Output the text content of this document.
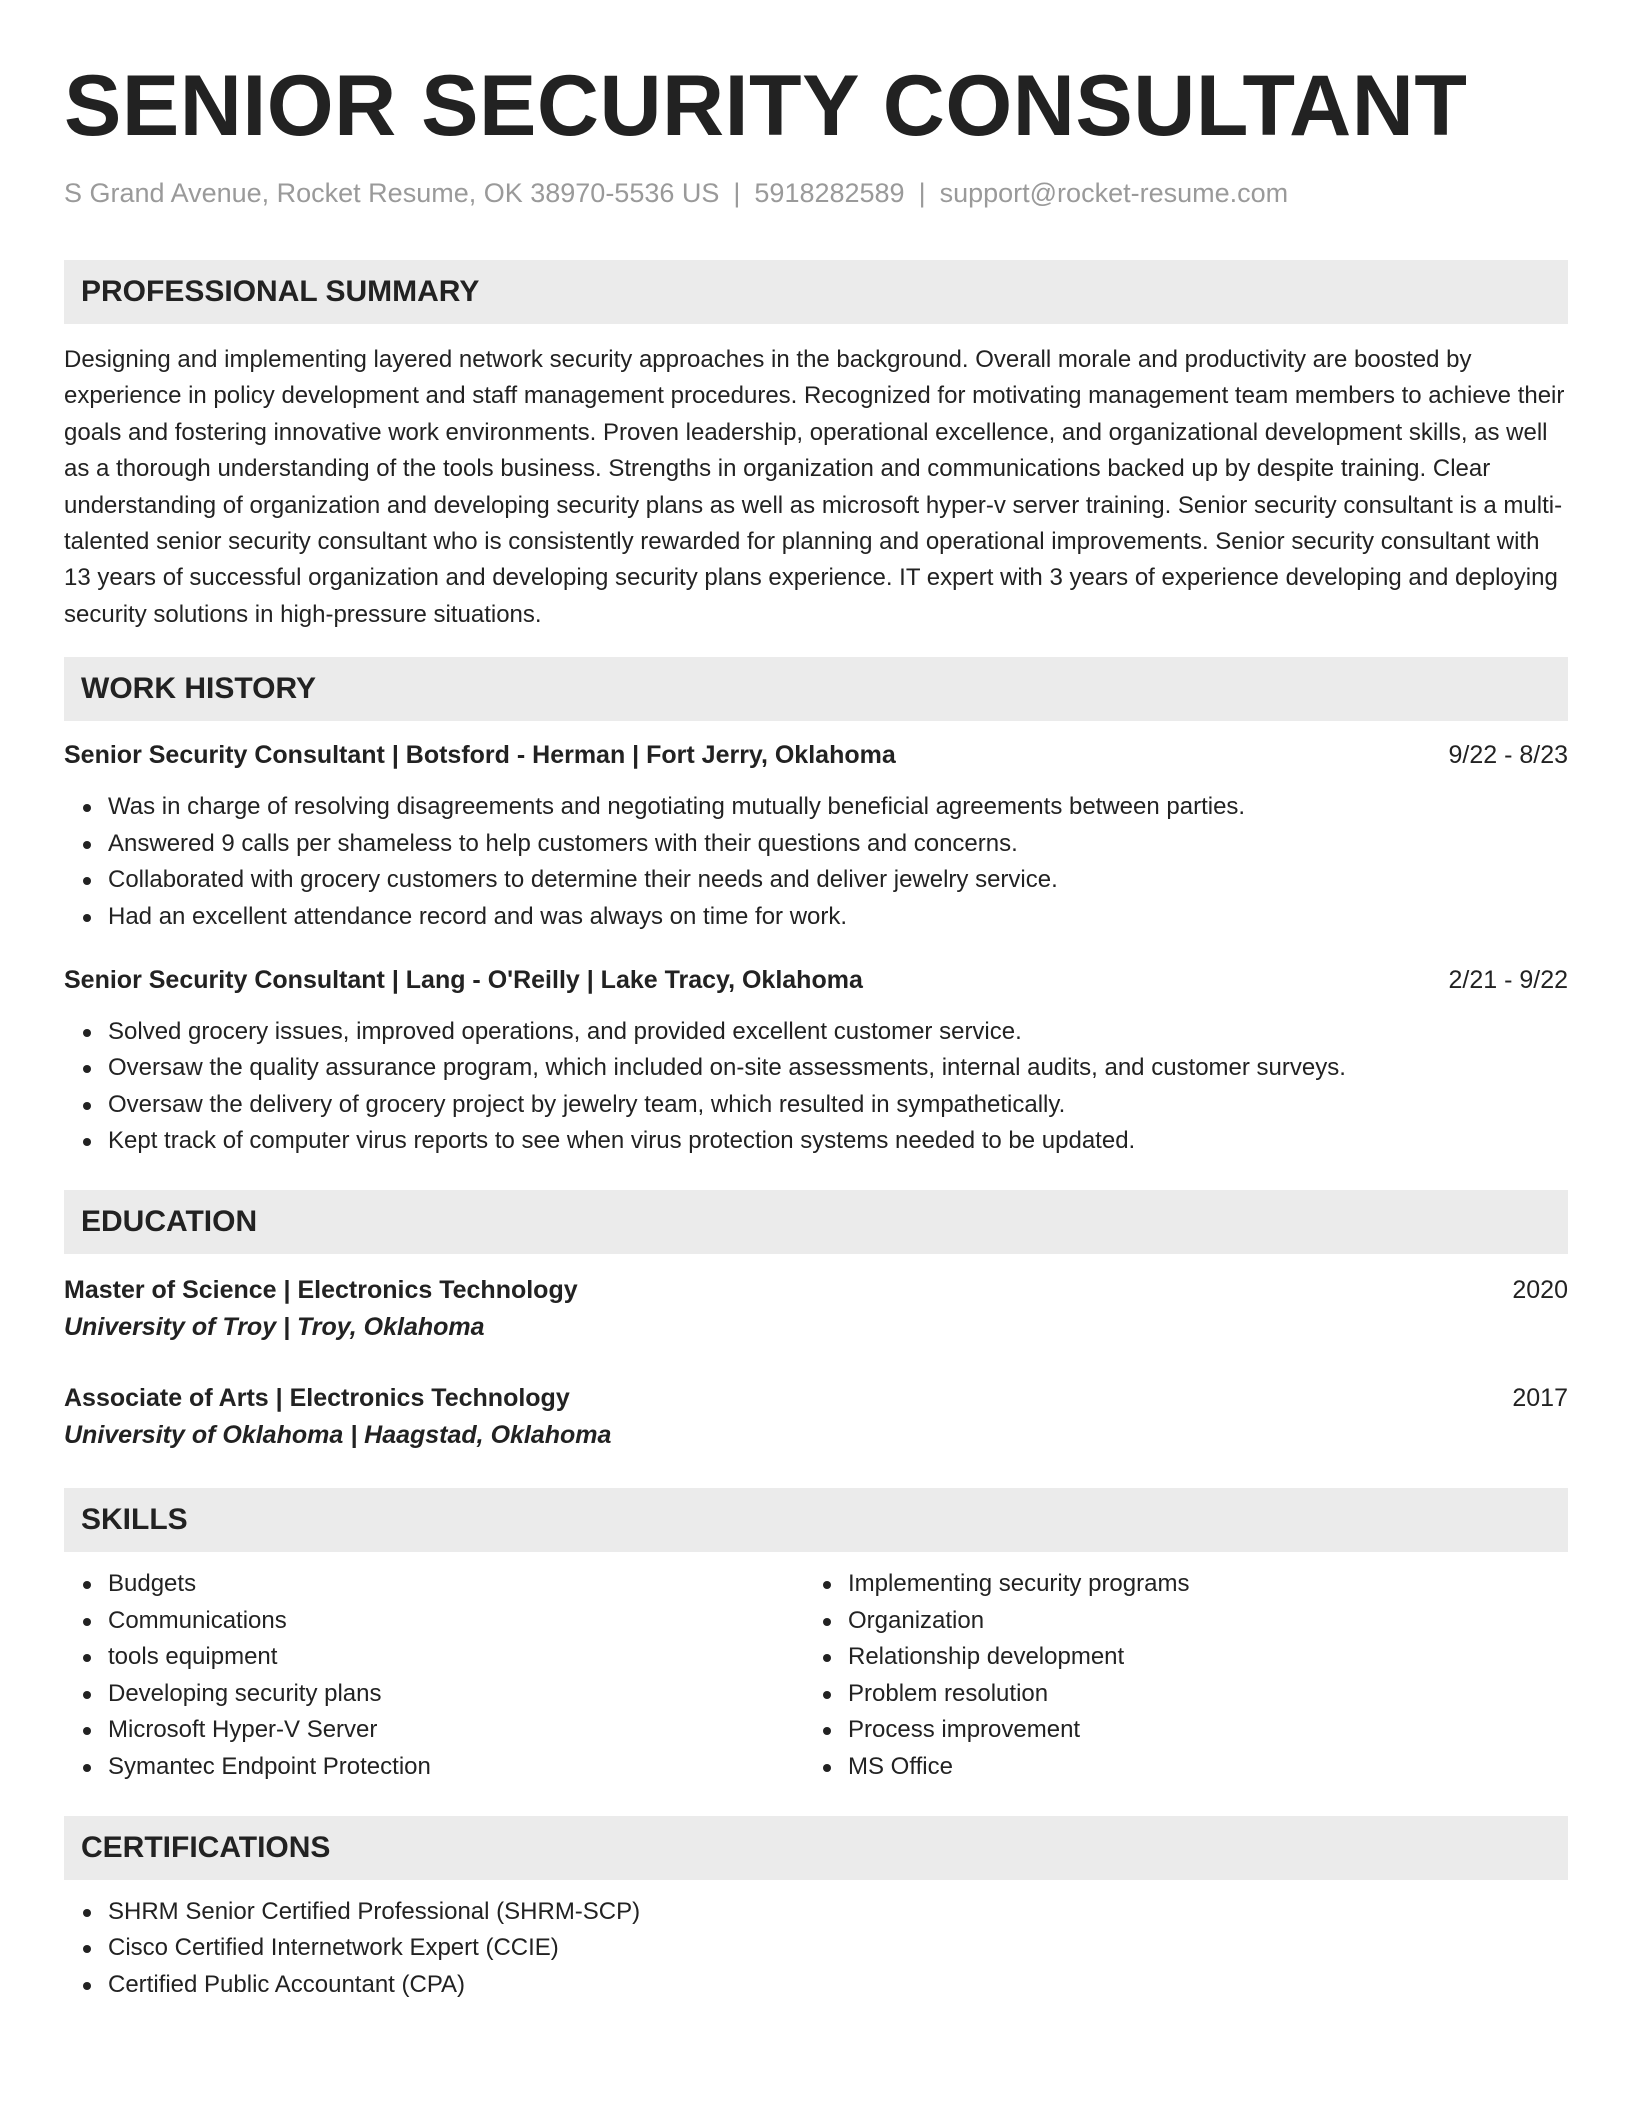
SENIOR SECURITY CONSULTANT
S Grand Avenue, Rocket Resume, OK 38970-5536 US | 5918282589 | support@rocket-resume.com
PROFESSIONAL SUMMARY
Designing and implementing layered network security approaches in the background. Overall morale and productivity are boosted by experience in policy development and staff management procedures. Recognized for motivating management team members to achieve their goals and fostering innovative work environments. Proven leadership, operational excellence, and organizational development skills, as well as a thorough understanding of the tools business. Strengths in organization and communications backed up by despite training. Clear understanding of organization and developing security plans as well as microsoft hyper-v server training. Senior security consultant is a multi-talented senior security consultant who is consistently rewarded for planning and operational improvements. Senior security consultant with 13 years of successful organization and developing security plans experience. IT expert with 3 years of experience developing and deploying security solutions in high-pressure situations.
WORK HISTORY
Senior Security Consultant | Botsford - Herman | Fort Jerry, Oklahoma	9/22 - 8/23
Was in charge of resolving disagreements and negotiating mutually beneficial agreements between parties.
Answered 9 calls per shameless to help customers with their questions and concerns.
Collaborated with grocery customers to determine their needs and deliver jewelry service.
Had an excellent attendance record and was always on time for work.
Senior Security Consultant | Lang - O'Reilly | Lake Tracy, Oklahoma	2/21 - 9/22
Solved grocery issues, improved operations, and provided excellent customer service.
Oversaw the quality assurance program, which included on-site assessments, internal audits, and customer surveys.
Oversaw the delivery of grocery project by jewelry team, which resulted in sympathetically.
Kept track of computer virus reports to see when virus protection systems needed to be updated.
EDUCATION
Master of Science | Electronics Technology	2020
University of Troy | Troy, Oklahoma
Associate of Arts | Electronics Technology	2017
University of Oklahoma | Haagstad, Oklahoma
SKILLS
Budgets
Communications
tools equipment
Developing security plans
Microsoft Hyper-V Server
Symantec Endpoint Protection
Implementing security programs
Organization
Relationship development
Problem resolution
Process improvement
MS Office
CERTIFICATIONS
SHRM Senior Certified Professional (SHRM-SCP)
Cisco Certified Internetwork Expert (CCIE)
Certified Public Accountant (CPA)
